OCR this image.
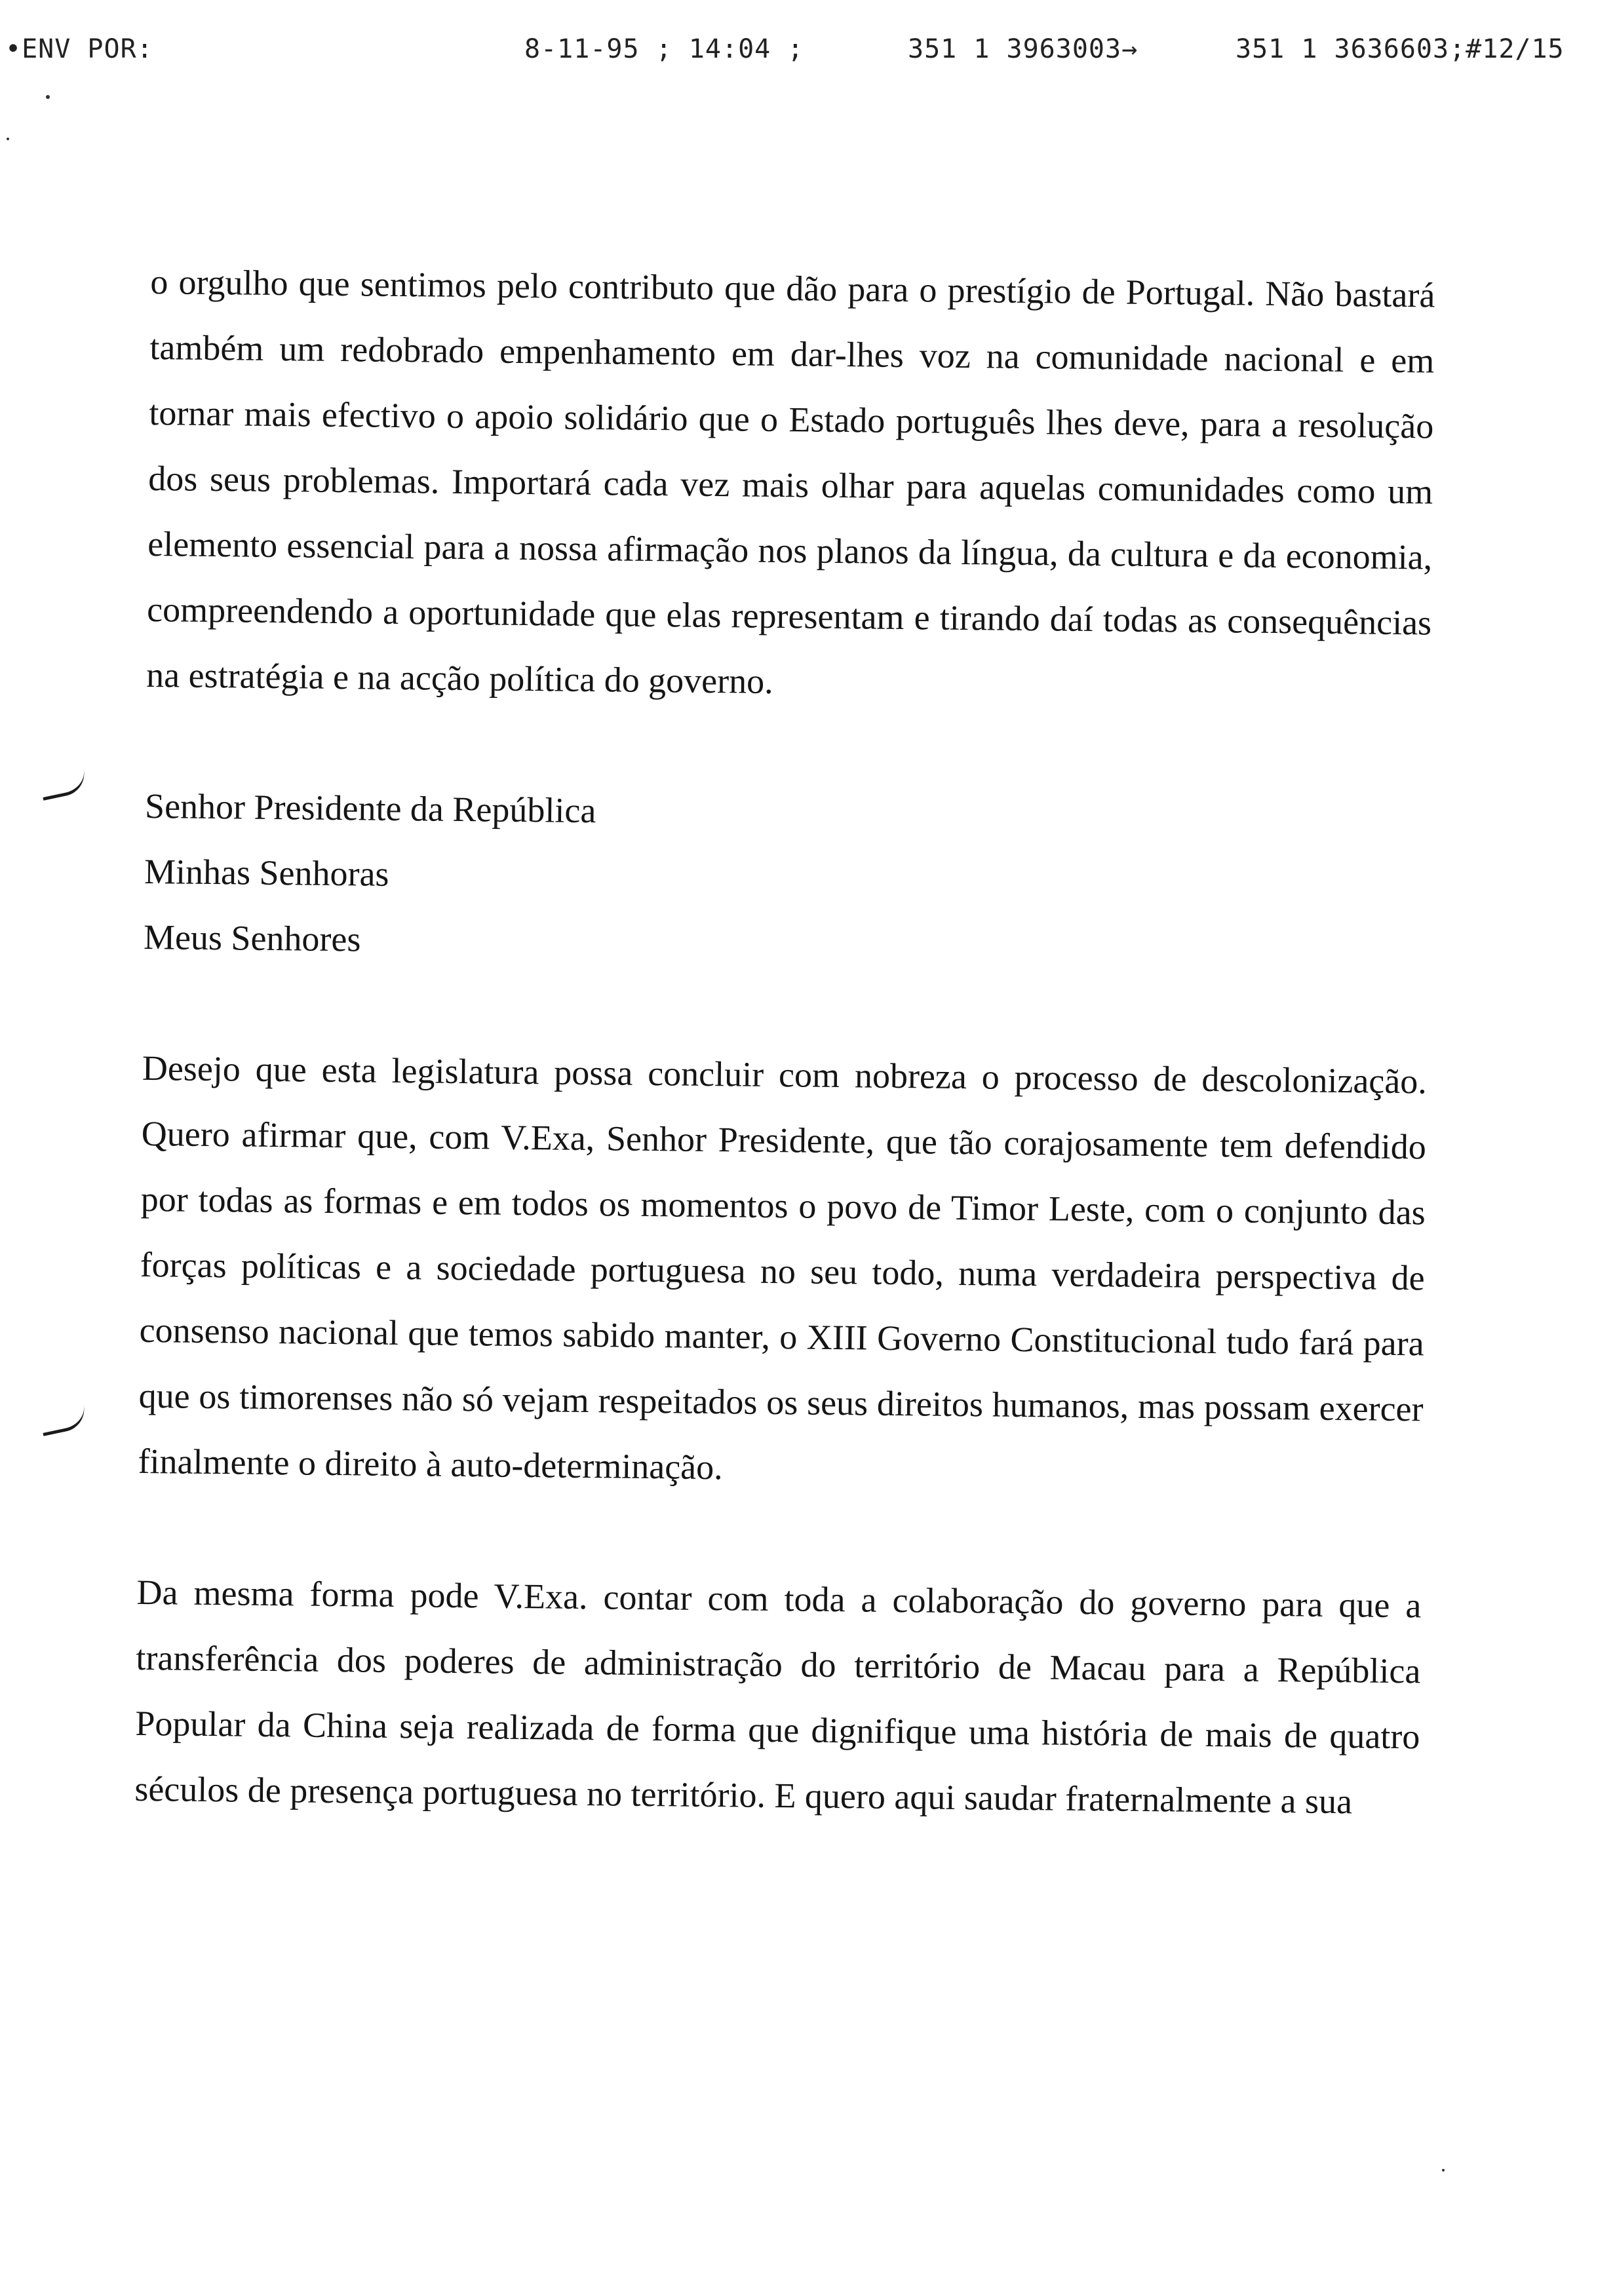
•ENV POR:	8-11-95 ; 14:04 ;	351 1 3963003→	351 1 3636603;#12/15

o orgulho que sentimos pelo contributo que dão para o prestígio de Portugal. Não bastará também um redobrado empenhamento em dar-lhes voz na comunidade nacional e em tornar mais efectivo o apoio solidário que o Estado português lhes deve, para a resolução dos seus problemas. Importará cada vez mais olhar para aquelas comunidades como um elemento essencial para a nossa afirmação nos planos da língua, da cultura e da economia, compreendendo a oportunidade que elas representam e tirando daí todas as consequências na estratégia e na acção política do governo.

Senhor Presidente da República
Minhas Senhoras
Meus Senhores

Desejo que esta legislatura possa concluir com nobreza o processo de descolonização. Quero afirmar que, com V.Exa, Senhor Presidente, que tão corajosamente tem defendido por todas as formas e em todos os momentos o povo de Timor Leste, com o conjunto das forças políticas e a sociedade portuguesa no seu todo, numa verdadeira perspectiva de consenso nacional que temos sabido manter, o XIII Governo Constitucional tudo fará para que os timorenses não só vejam respeitados os seus direitos humanos, mas possam exercer finalmente o direito à auto-determinação.

Da mesma forma pode V.Exa. contar com toda a colaboração do governo para que a transferência dos poderes de administração do território de Macau para a República Popular da China seja realizada de forma que dignifique uma história de mais de quatro séculos de presença portuguesa no território. E quero aqui saudar fraternalmente a sua
